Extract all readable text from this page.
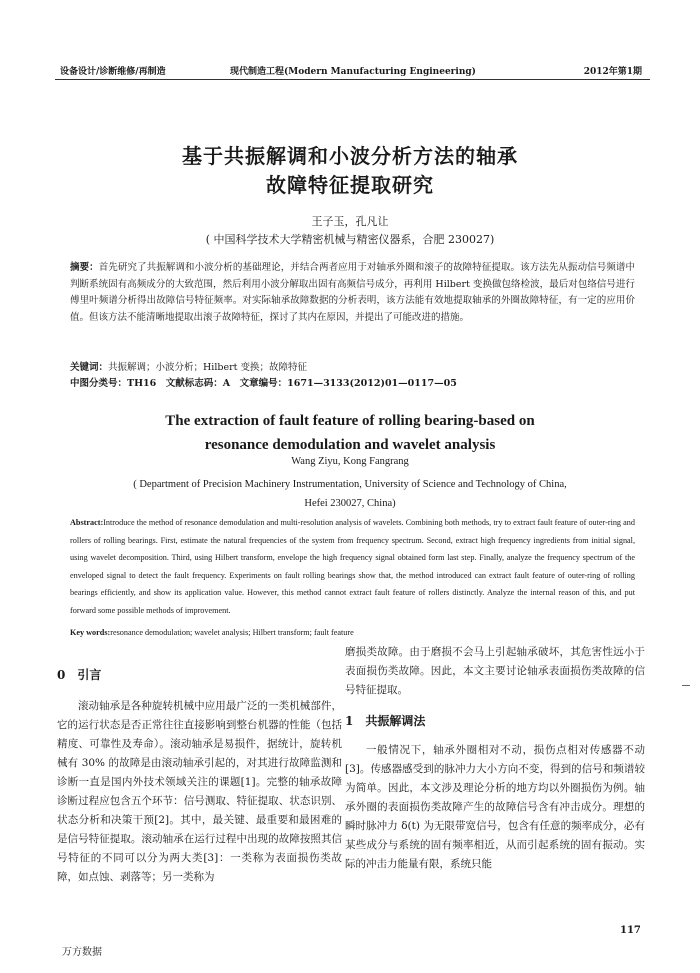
设备设计/诊断维修/再制造	现代制造工程(Modern Manufacturing Engineering)	2012年第1期
基于共振解调和小波分析方法的轴承
故障特征提取研究
王子玉，孔凡让
( 中国科学技术大学精密机械与精密仪器系，合肥 230027)
摘要：首先研究了共振解调和小波分析的基础理论，并结合两者应用于对轴承外圈和滚子的故障特征提取。该方法先从振动信号频谱中判断系统固有高频成分的大致范围，然后利用小波分解取出固有高频信号成分，再利用 Hilbert 变换做包络检波，最后对包络信号进行傅里叶频谱分析得出故障信号特征频率。对实际轴承故障数据的分析表明，该方法能有效地提取轴承的外圈故障特征，有一定的应用价值。但该方法不能清晰地提取出滚子故障特征，探讨了其内在原因，并提出了可能改进的措施。
关键词：共振解调；小波分析；Hilbert 变换；故障特征
中图分类号：TH16　文献标志码：A　文章编号：1671—3133(2012)01—0117—05
The extraction of fault feature of rolling bearing-based on
resonance demodulation and wavelet analysis
Wang Ziyu, Kong Fangrang
( Department of Precision Machinery Instrumentation, University of Science and Technology of China, Hefei 230027, China)
Abstract:Introduce the method of resonance demodulation and multi-resolution analysis of wavelets. Combining both methods, try to extract fault feature of outer-ring and rollers of rolling bearings. First, estimate the natural frequencies of the system from frequency spectrum. Second, extract high frequency ingredients from initial signal, using wavelet decomposition. Third, using Hilbert transform, envelope the high frequency signal obtained form last step. Finally, analyze the frequency spectrum of the enveloped signal to detect the fault frequency. Experiments on fault rolling bearings show that, the method introduced can extract fault feature of outer-ring of rolling bearings efficiently, and show its application value. However, this method cannot extract fault feature of rollers distinctly. Analyze the internal reason of this, and put forward some possible methods of improvement.
Key words:resonance demodulation; wavelet analysis; Hilbert transform; fault feature

0　引言

滚动轴承是各种旋转机械中应用最广泛的一类机械部件，它的运行状态是否正常往往直接影响到整台机器的性能（包括精度、可靠性及寿命）。滚动轴承是易损件，据统计，旋转机械有 30% 的故障是由滚动轴承引起的，对其进行故障监测和诊断一直是国内外技术领域关注的课题[1]。完整的轴承故障诊断过程应包含五个环节：信号测取、特征提取、状态识别、状态分析和决策干预[2]。其中，最关键、最重要和最困难的是信号特征提取。滚动轴承在运行过程中出现的故障按照其信号特征的不同可以分为两大类[3]：一类称为表面损伤类故障，如点蚀、剥落等；另一类称为

磨损类故障。由于磨损不会马上引起轴承破坏，其危害性远小于表面损伤类故障。因此，本文主要讨论轴承表面损伤类故障的信号特征提取。

1　共振解调法

一般情况下，轴承外圈相对不动，损伤点相对传感器不动[3]。传感器感受到的脉冲力大小方向不变，得到的信号和频谱较为简单。因此，本文涉及理论分析的地方均以外圈损伤为例。轴承外圈的表面损伤类故障产生的故障信号含有冲击成分。理想的瞬时脉冲力 δ(t) 为无限带宽信号，包含有任意的频率成分，必有某些成分与系统的固有频率相近，从而引起系统的固有振动。实际的冲击力能量有限，系统只能

117
万方数据
